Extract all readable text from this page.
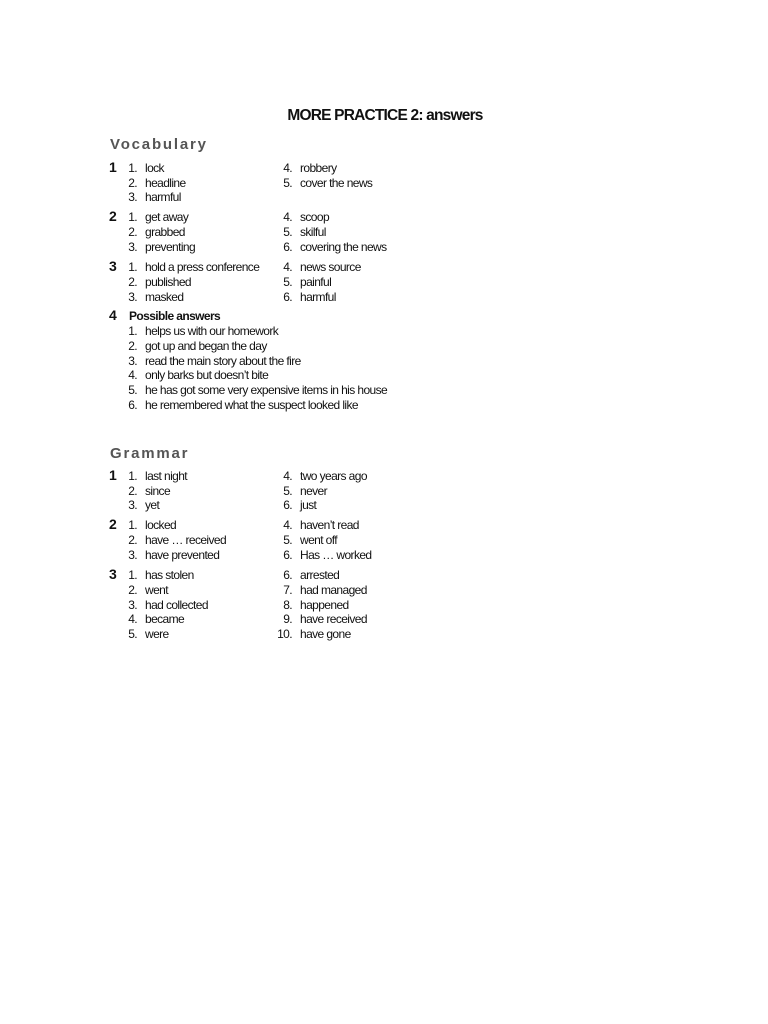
MORE PRACTICE 2: answers
Vocabulary
1 1. lock
2. headline
3. harmful
4. robbery
5. cover the news
2 1. get away
2. grabbed
3. preventing
4. scoop
5. skilful
6. covering the news
3 1. hold a press conference
2. published
3. masked
4. news source
5. painful
6. harmful
4 Possible answers
1. helps us with our homework
2. got up and began the day
3. read the main story about the fire
4. only barks but doesn’t bite
5. he has got some very expensive items in his house
6. he remembered what the suspect looked like
Grammar
1 1. last night
2. since
3. yet
4. two years ago
5. never
6. just
2 1. locked
2. have … received
3. have prevented
4. haven’t read
5. went off
6. Has … worked
3 1. has stolen
2. went
3. had collected
4. became
5. were
6. arrested
7. had managed
8. happened
9. have received
10. have gone
